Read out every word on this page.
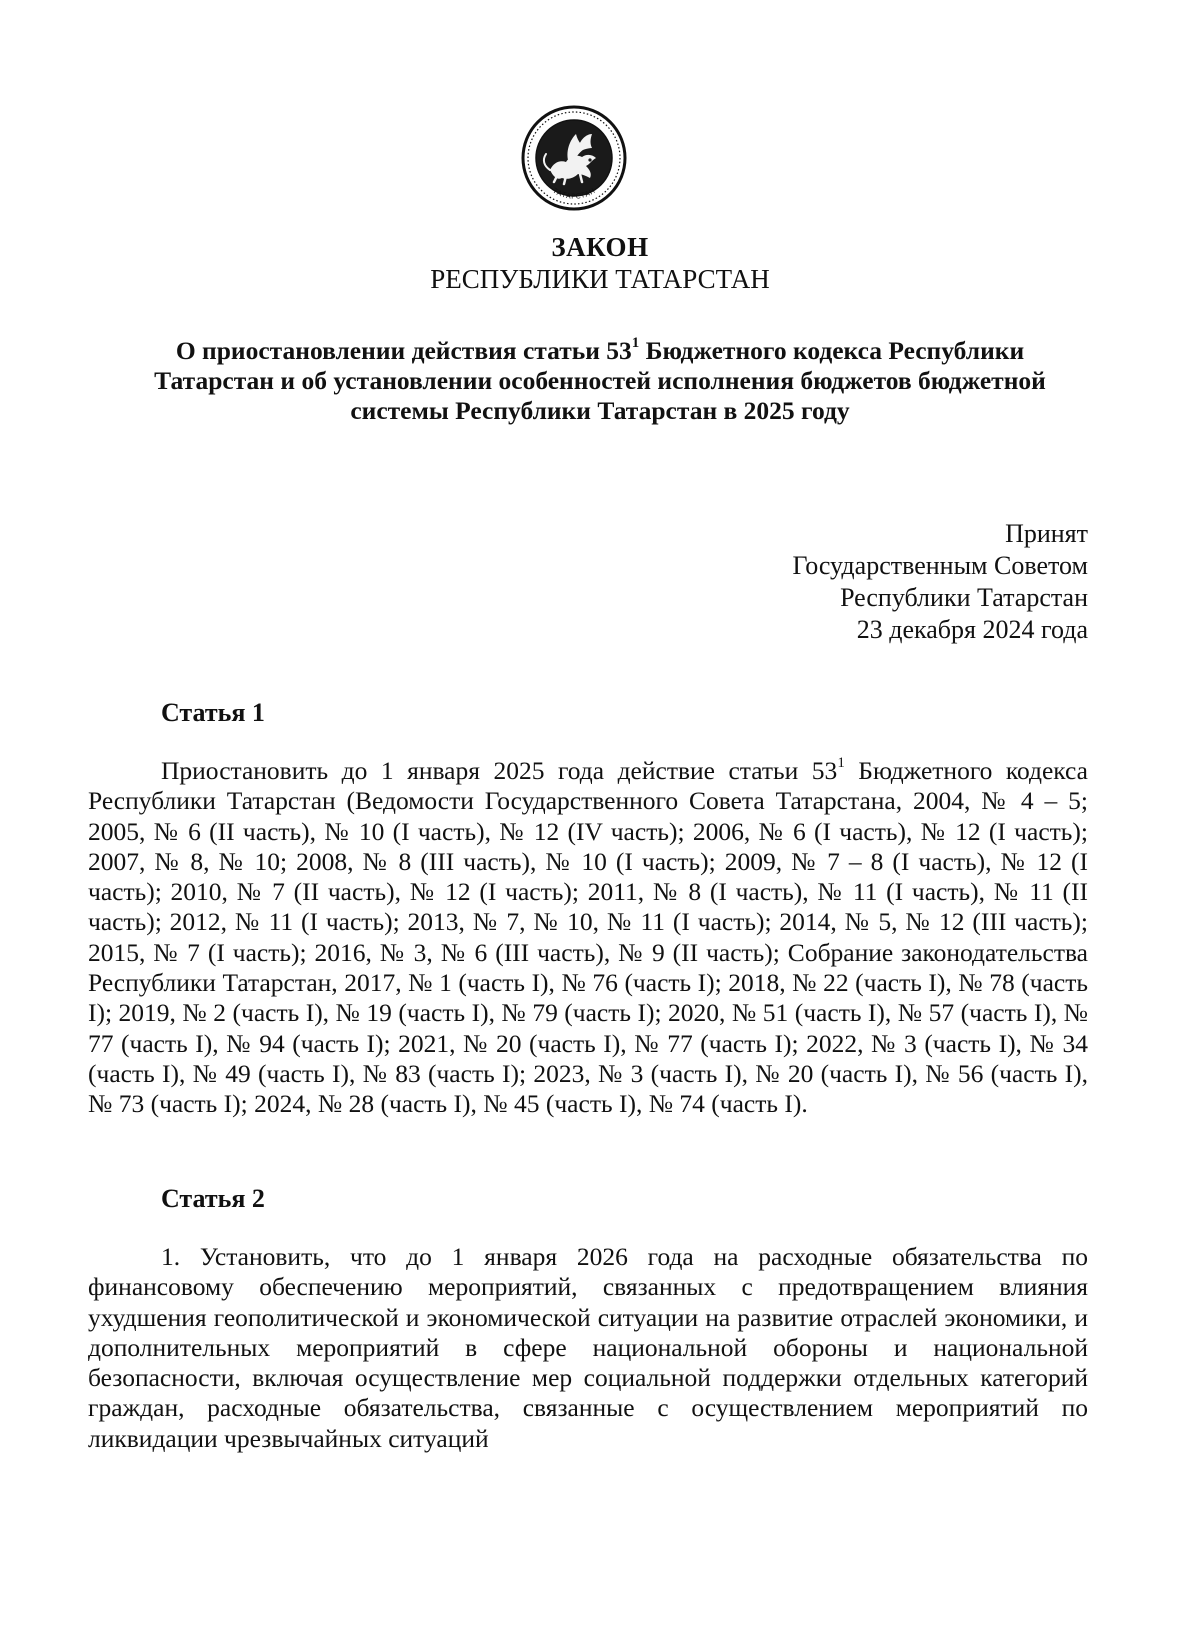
ТАТАРСТАН
ЗАКОН
РЕСПУБЛИКИ ТАТАРСТАН
О приостановлении действия статьи $53^1$ Бюджетного кодекса Республики Татарстан и об установлении особенностей исполнения бюджетов бюджетной системы Республики Татарстан в 2025 году
Принят
Государственным Советом
Республики Татарстан
23 декабря 2024 года
Статья 1
Приостановить до 1 января 2025 года действие статьи $53^1$ Бюджетного кодекса Республики Татарстан (Ведомости Государственного Совета Татарстана, 2004, № 4 – 5; 2005, № 6 (II часть), № 10 (I часть), № 12 (IV часть); 2006, № 6 (I часть), № 12 (I часть); 2007, № 8, № 10; 2008, № 8 (III часть), № 10 (I часть); 2009, № 7 – 8 (I часть), № 12 (I часть); 2010, № 7 (II часть), № 12 (I часть); 2011, № 8 (I часть), № 11 (I часть), № 11 (II часть); 2012, № 11 (I часть); 2013, № 7, № 10, № 11 (I часть); 2014, № 5, № 12 (III часть); 2015, № 7 (I часть); 2016, № 3, № 6 (III часть), № 9 (II часть); Собрание законодательства Республики Татарстан, 2017, № 1 (часть I), № 76 (часть I); 2018, № 22 (часть I), № 78 (часть I); 2019, № 2 (часть I), № 19 (часть I), № 79 (часть I); 2020, № 51 (часть I), № 57 (часть I), № 77 (часть I), № 94 (часть I); 2021, № 20 (часть I), № 77 (часть I); 2022, № 3 (часть I), № 34 (часть I), № 49 (часть I), № 83 (часть I); 2023, № 3 (часть I), № 20 (часть I), № 56 (часть I), № 73 (часть I); 2024, № 28 (часть I), № 45 (часть I), № 74 (часть I).
Статья 2
1. Установить, что до 1 января 2026 года на расходные обязательства по финансовому обеспечению мероприятий, связанных с предотвращением влияния ухудшения геополитической и экономической ситуации на развитие отраслей экономики, и дополнительных мероприятий в сфере национальной обороны и национальной безопасности, включая осуществление мер социальной поддержки отдельных категорий граждан, расходные обязательства, связанные с осуществлением мероприятий по ликвидации чрезвычайных ситуаций
